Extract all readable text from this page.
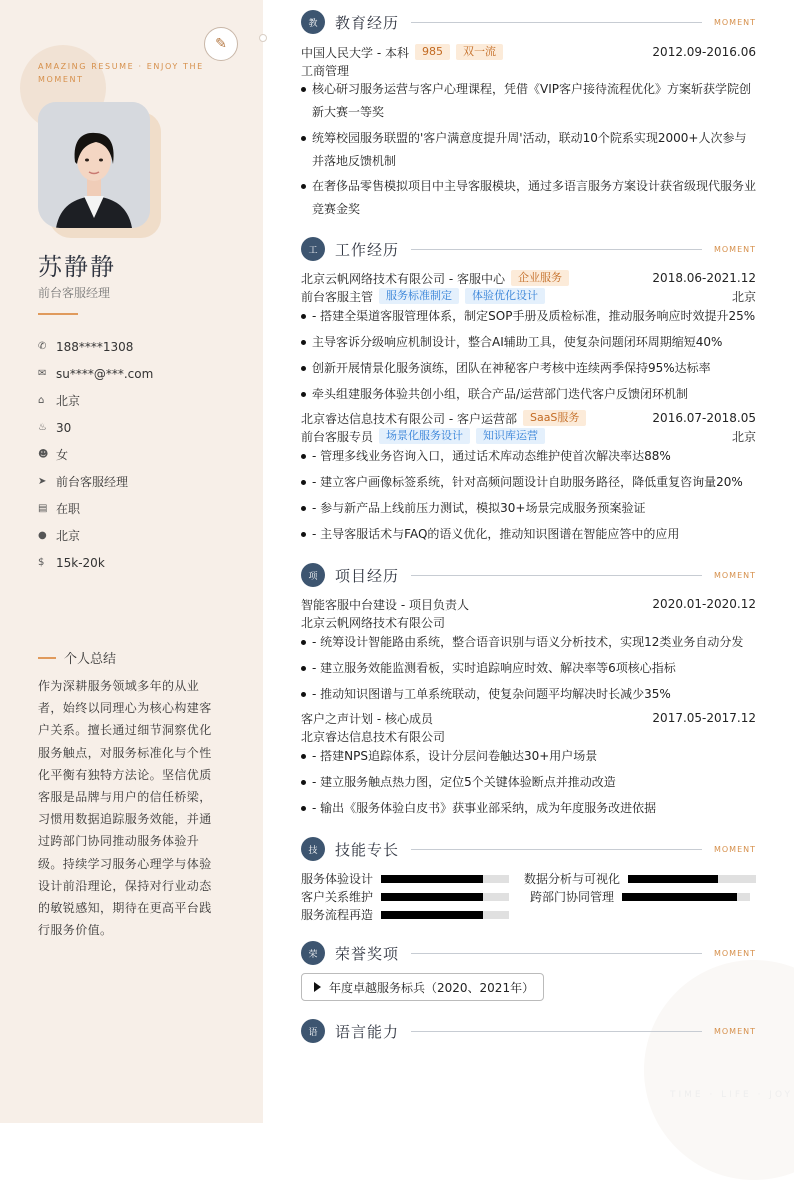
✎
AMAZING RESUME · ENJOY THE MOMENT
苏静静
前台客服经理
✆ 188****1308
✉ su****@***.com
⌂ 北京
♨ 30
☻ 女
➤ 前台客服经理
▤ 在职
● 北京
$ 15k-20k
个人总结
作为深耕服务领域多年的从业者，始终以同理心为核心构建客户关系。擅长通过细节洞察优化服务触点，对服务标准化与个性化平衡有独特方法论。坚信优质客服是品牌与用户的信任桥梁，习惯用数据追踪服务效能，并通过跨部门协同推动服务体验升级。持续学习服务心理学与体验设计前沿理论，保持对行业动态的敏锐感知，期待在更高平台践行服务价值。
TIME · LIFE · JOY
教	教育经历	MOMENT
中国人民大学 - 本科	985	双一流	2012.09-2016.06
工商管理
核心研习服务运营与客户心理课程，凭借《VIP客户接待流程优化》方案斩获学院创新大赛一等奖
统筹校园服务联盟的'客户满意度提升周'活动，联动10个院系实现2000+人次参与并落地反馈机制
在奢侈品零售模拟项目中主导客服模块，通过多语言服务方案设计获省级现代服务业竞赛金奖
工	工作经历	MOMENT
北京云帆网络技术有限公司 - 客服中心	企业服务	2018.06-2021.12
前台客服主管	服务标准制定	体验优化设计	北京
- 搭建全渠道客服管理体系，制定SOP手册及质检标准，推动服务响应时效提升25%
主导客诉分级响应机制设计，整合AI辅助工具，使复杂问题闭环周期缩短40%
创新开展情景化服务演练，团队在神秘客户考核中连续两季保持95%达标率
牵头组建服务体验共创小组，联合产品/运营部门迭代客户反馈闭环机制
北京睿达信息技术有限公司 - 客户运营部	SaaS服务	2016.07-2018.05
前台客服专员	场景化服务设计	知识库运营	北京
- 管理多线业务咨询入口，通过话术库动态维护使首次解决率达88%
- 建立客户画像标签系统，针对高频问题设计自助服务路径，降低重复咨询量20%
- 参与新产品上线前压力测试，模拟30+场景完成服务预案验证
- 主导客服话术与FAQ的语义优化，推动知识图谱在智能应答中的应用
项	项目经历	MOMENT
智能客服中台建设 - 项目负责人	2020.01-2020.12
北京云帆网络技术有限公司
- 统筹设计智能路由系统，整合语音识别与语义分析技术，实现12类业务自动分发
- 建立服务效能监测看板，实时追踪响应时效、解决率等6项核心指标
- 推动知识图谱与工单系统联动，使复杂问题平均解决时长减少35%
客户之声计划 - 核心成员	2017.05-2017.12
北京睿达信息技术有限公司
- 搭建NPS追踪体系，设计分层问卷触达30+用户场景
- 建立服务触点热力图，定位5个关键体验断点并推动改造
- 输出《服务体验白皮书》获事业部采纳，成为年度服务改进依据
技	技能专长	MOMENT
服务体验设计	数据分析与可视化
客户关系维护	跨部门协同管理
服务流程再造
荣	荣誉奖项	MOMENT
年度卓越服务标兵（2020、2021年）
语	语言能力	MOMENT
